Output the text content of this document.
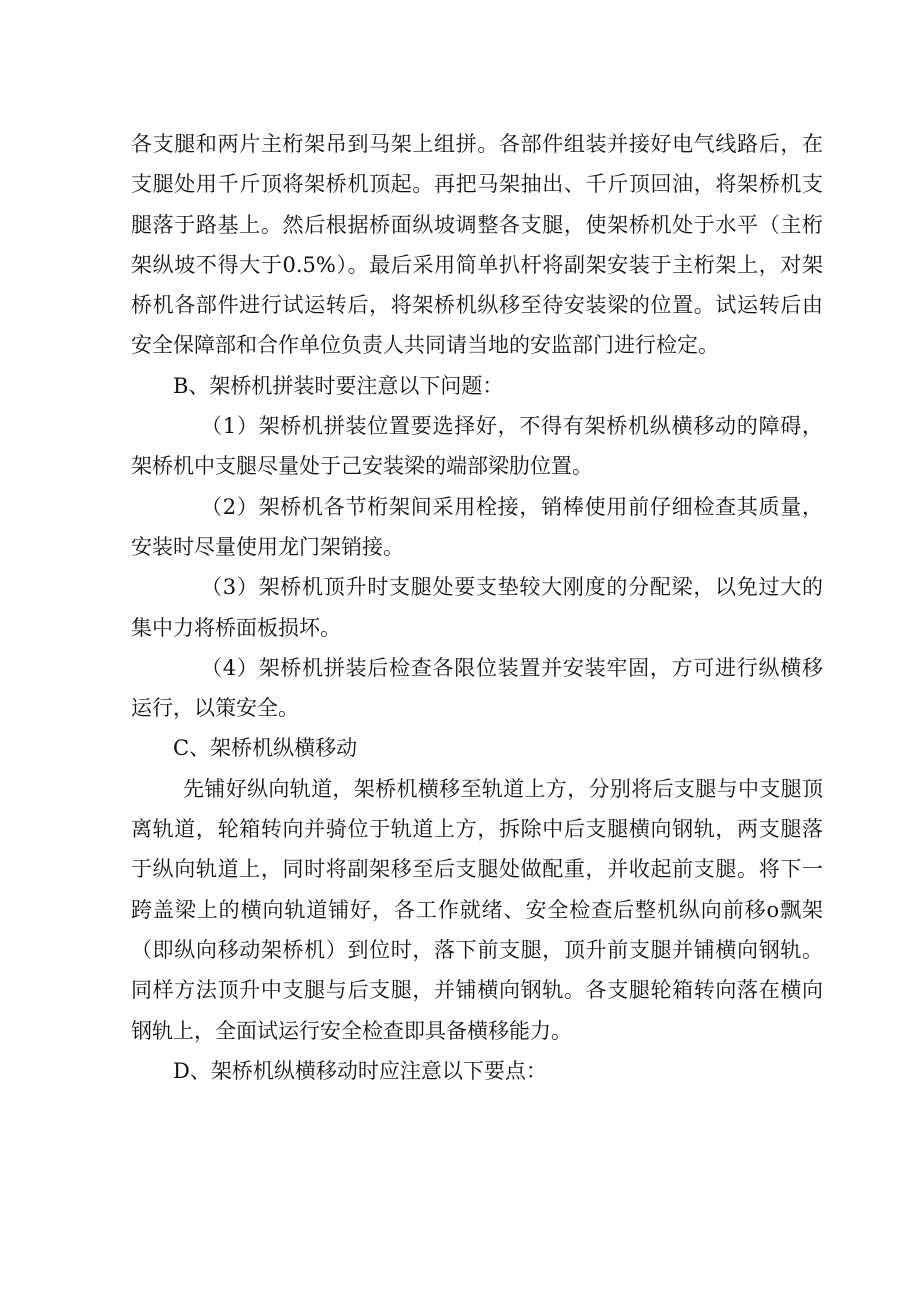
各支腿和两片主桁架吊到马架上组拼。各部件组装并接好电气线路后，在支腿处用千斤顶将架桥机顶起。再把马架抽出、千斤顶回油，将架桥机支腿落于路基上。然后根据桥面纵坡调整各支腿，使架桥机处于水平（主桁架纵坡不得大于0.5%）。最后采用简单扒杆将副架安装于主桁架上，对架桥机各部件进行试运转后，将架桥机纵移至待安装梁的位置。试运转后由安全保障部和合作单位负责人共同请当地的安监部门进行检定。

B、架桥机拼装时要注意以下问题：

（1）架桥机拼装位置要选择好，不得有架桥机纵横移动的障碍，架桥机中支腿尽量处于己安装梁的端部梁肋位置。

（2）架桥机各节桁架间采用栓接，销棒使用前仔细检查其质量，安装时尽量使用龙门架销接。

（3）架桥机顶升时支腿处要支垫较大刚度的分配梁，以免过大的集中力将桥面板损坏。

（4）架桥机拼装后检查各限位装置并安装牢固，方可进行纵横移运行，以策安全。

C、架桥机纵横移动

先铺好纵向轨道，架桥机横移至轨道上方，分别将后支腿与中支腿顶离轨道，轮箱转向并骑位于轨道上方，拆除中后支腿横向钢轨，两支腿落于纵向轨道上，同时将副架移至后支腿处做配重，并收起前支腿。将下一跨盖梁上的横向轨道铺好，各工作就绪、安全检查后整机纵向前移o飘架（即纵向移动架桥机）到位时，落下前支腿，顶升前支腿并铺横向钢轨。同样方法顶升中支腿与后支腿，并铺横向钢轨。各支腿轮箱转向落在横向钢轨上，全面试运行安全检查即具备横移能力。

D、架桥机纵横移动时应注意以下要点：
